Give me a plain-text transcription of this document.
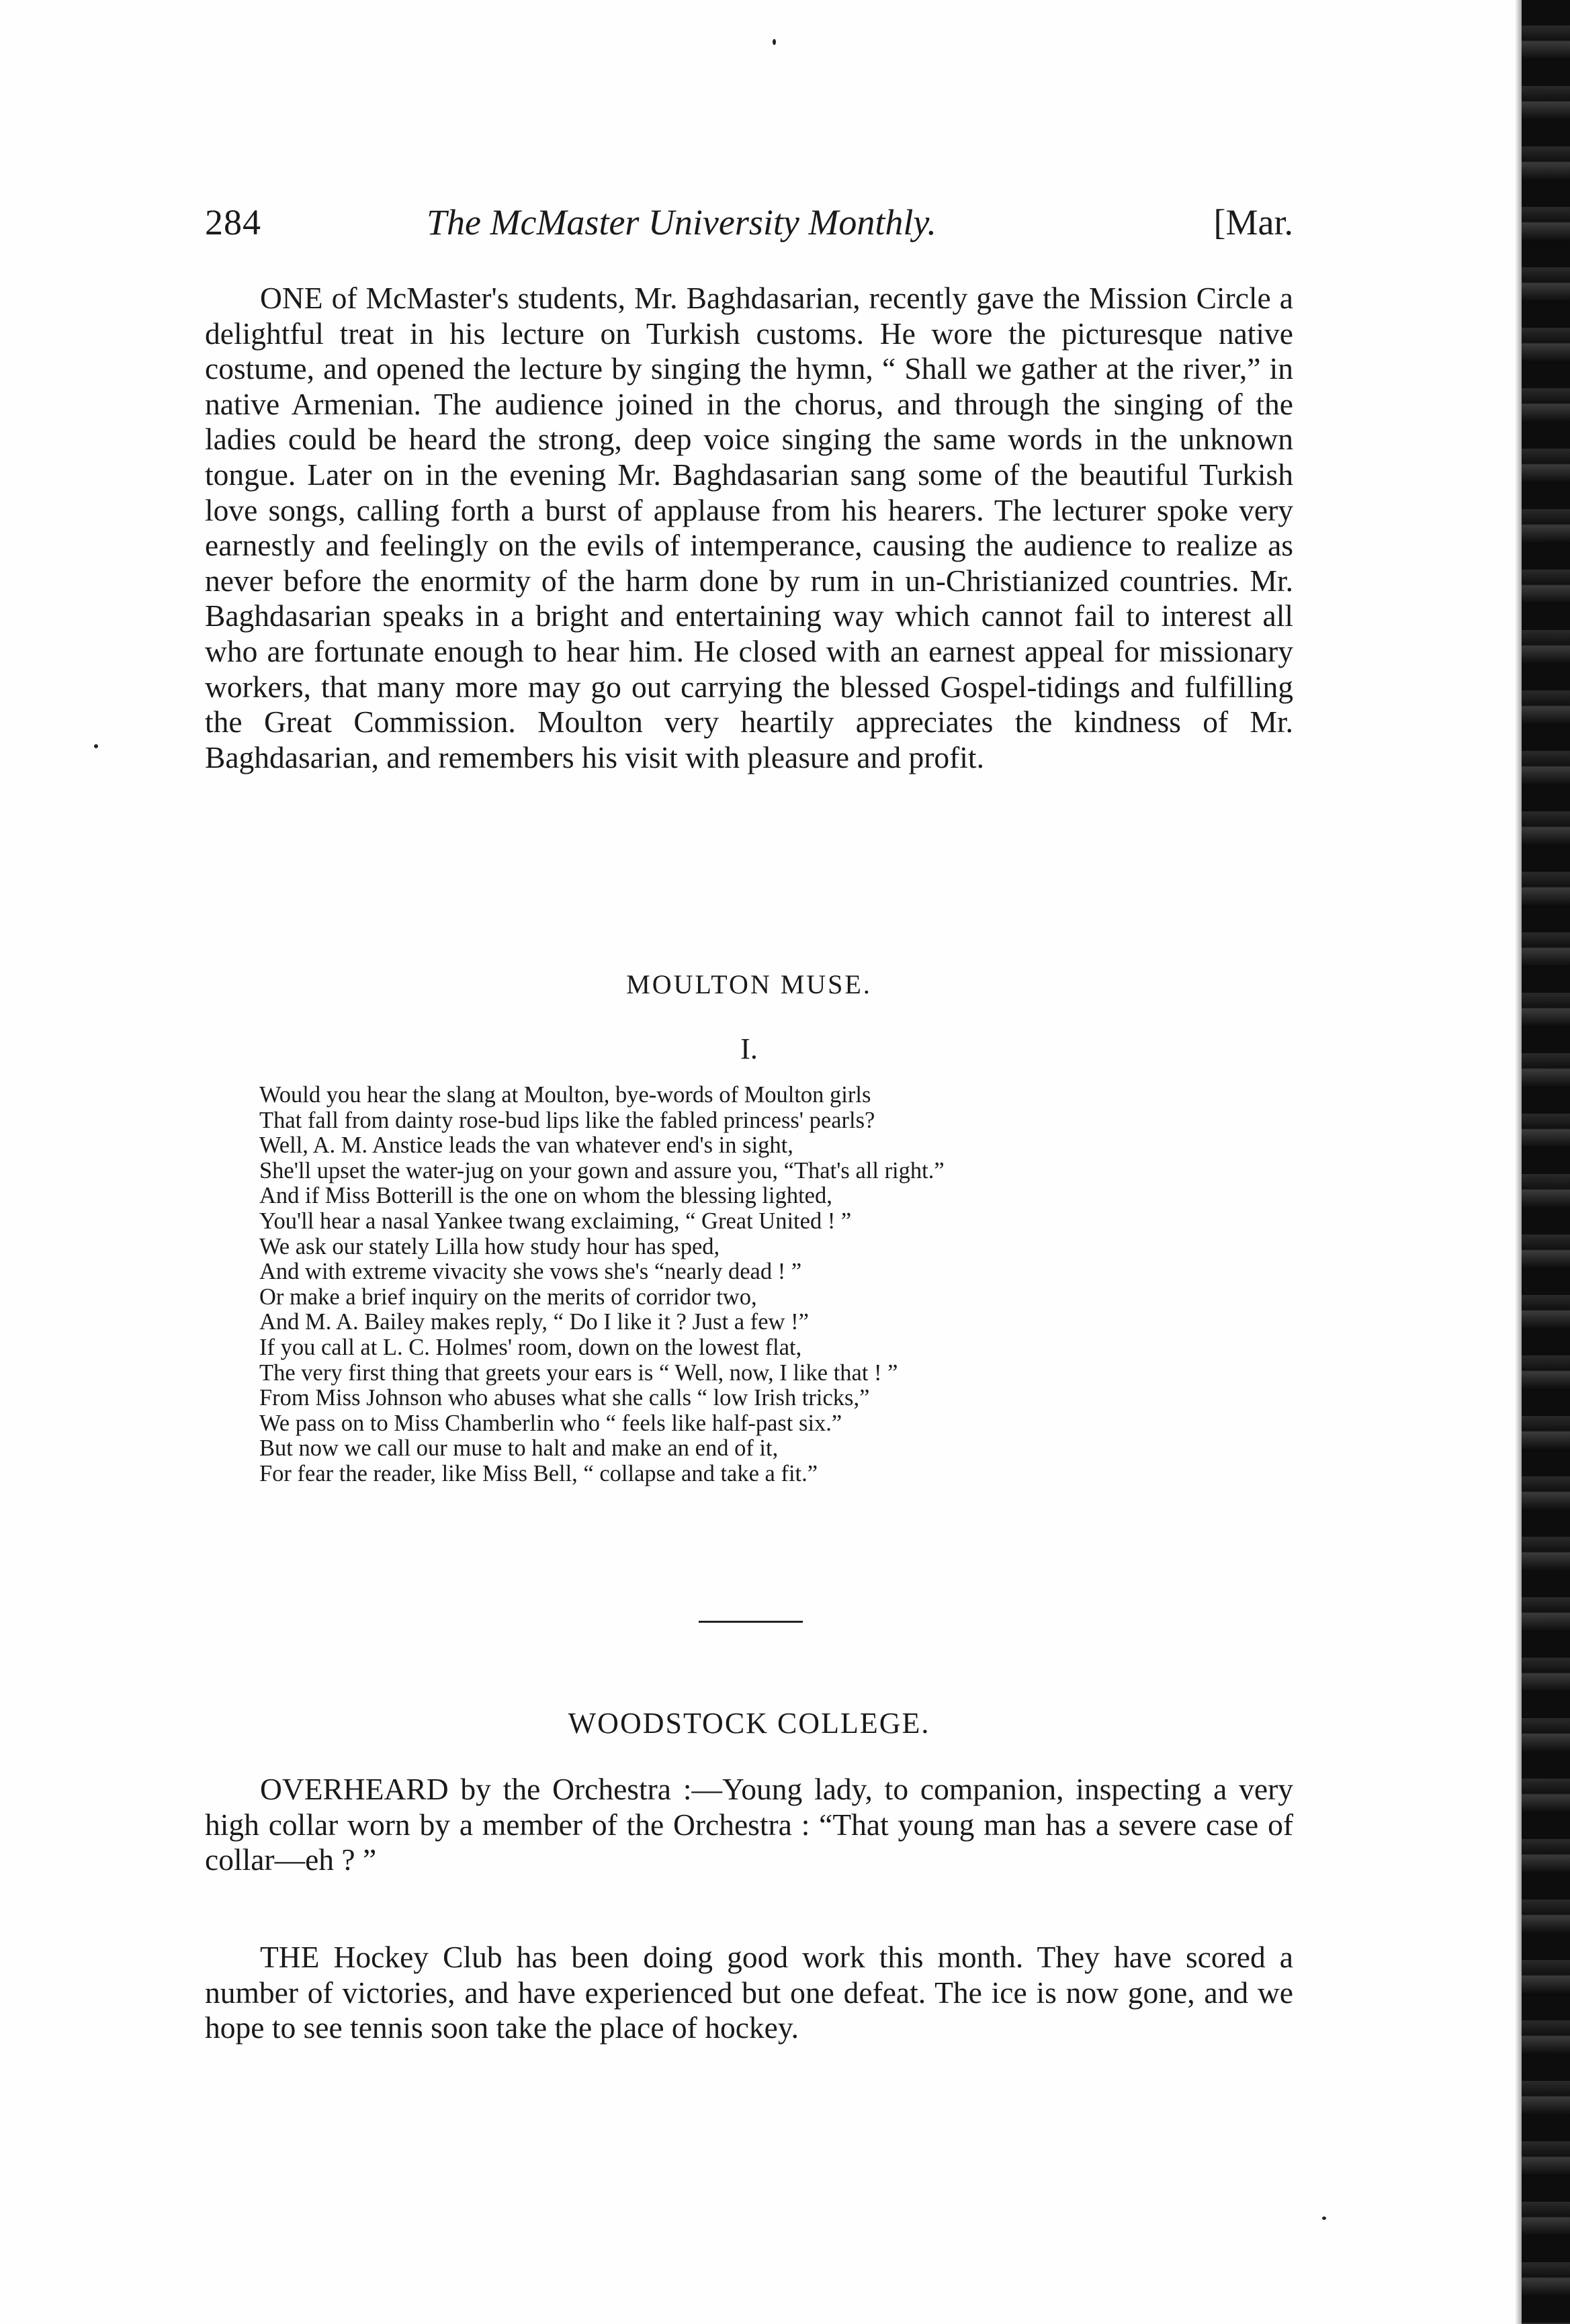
284	The McMaster University Monthly.	[Mar.

ONE of McMaster's students, Mr. Baghdasarian, recently gave the Mission Circle a delightful treat in his lecture on Turkish customs. He wore the picturesque native costume, and opened the lecture by singing the hymn, “ Shall we gather at the river,” in native Armenian. The audience joined in the chorus, and through the singing of the ladies could be heard the strong, deep voice singing the same words in the unknown tongue. Later on in the evening Mr. Baghdasarian sang some of the beautiful Turkish love songs, calling forth a burst of applause from his hearers. The lecturer spoke very earnestly and feelingly on the evils of intemperance, causing the audience to realize as never before the enormity of the harm done by rum in un-Christianized countries. Mr. Baghdasarian speaks in a bright and entertaining way which cannot fail to interest all who are fortunate enough to hear him. He closed with an earnest appeal for missionary workers, that many more may go out carrying the blessed Gospel-tidings and fulfilling the Great Commission. Moulton very heartily appreciates the kindness of Mr. Baghdasarian, and remembers his visit with pleasure and profit.

MOULTON MUSE.
I.
Would you hear the slang at Moulton, bye-words of Moulton girls
That fall from dainty rose-bud lips like the fabled princess' pearls?
Well, A. M. Anstice leads the van whatever end's in sight,
She'll upset the water-jug on your gown and assure you, “That's all right.”
And if Miss Botterill is the one on whom the blessing lighted,
You'll hear a nasal Yankee twang exclaiming, “ Great United ! ”
We ask our stately Lilla how study hour has sped,
And with extreme vivacity she vows she's “nearly dead ! ”
Or make a brief inquiry on the merits of corridor two,
And M. A. Bailey makes reply, “ Do I like it ? Just a few !”
If you call at L. C. Holmes' room, down on the lowest flat,
The very first thing that greets your ears is “ Well, now, I like that ! ”
From Miss Johnson who abuses what she calls “ low Irish tricks,”
We pass on to Miss Chamberlin who “ feels like half-past six.”
But now we call our muse to halt and make an end of it,
For fear the reader, like Miss Bell, “ collapse and take a fit.”
WOODSTOCK COLLEGE.

OVERHEARD by the Orchestra :—Young lady, to companion, inspecting a very high collar worn by a member of the Orchestra : “That young man has a severe case of collar—eh ? ”

THE Hockey Club has been doing good work this month. They have scored a number of victories, and have experienced but one defeat. The ice is now gone, and we hope to see tennis soon take the place of hockey.
